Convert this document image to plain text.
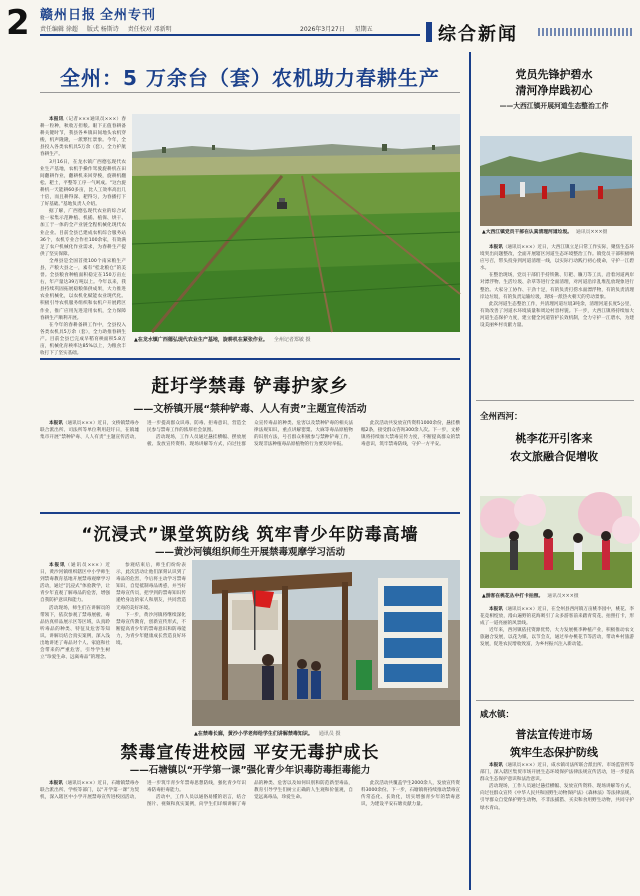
2 赣州日报 全州专刊
责任编辑 徐超 版式 杨斯诗 责任校对 邓新明	2026年3月27日 星期五	综合新闻
全州：5 万余台（套）农机助力春耕生产

本报讯（记者×××通讯员×××）春耕一粒种，秋收万担粮。眼下正值春耕备耕关键时节，我县各乡镇田间地头农机穿梭，机声隆隆，一派繁忙景象。今年，全县投入各类农机具5万余（套），全力护航春耕生产。

3月16日，在龙水镇广西德弘现代农业生产基地，农机手操作驾驶旋耕机在田间翻耕作业，翻耕机来回穿梭，旋耕机翻松、耙土，平整等工序一气呵成。“这台旋耕机一天能耕60多亩，比人工效率高出几十倍，而且耕得深、耙得匀，为春播打下了好基础。”基地负责人介绍。

据了解，广西德弘现代农业的综合试验一家集示范种植、机插、植保、烘干、加工于一体的全产业链全程机械化现代农业企业。目前全县已建成农机综合服务站36个，农机专业合作社100余家，有效满足了农户机械化作业需求，为春耕生产提供了坚实保障。

全州县是全国首批100个南宋粮生产县，产粮大县之一，素有“桂北粮仓”的美誉。全县粮食种植面积稳定在150万亩左右，年产量达39万吨以上。今年以来，我县持续巩固拓展稳粮保供成果，大力推进农业机械化，以农机化赋能农业现代化。积极引导农机服务组织和农机户开展跨区作业，推广应用先进适用农机，全力保障春耕生产顺利开展。

在今年的春耕备耕工作中，全县投入各类农机具5万余（套），全力助推春耕生产。目前全县已完成早稻育秧面积5.8万亩，机械化育秧率达85%以上，为粮食丰收打下了坚实基础。

▲在龙水镇广西德弘现代农业生产基地，旋耕机在紧张作业。 全州记者郑敏 摄
赶圩学禁毒 铲毒护家乡
——文桥镇开展“禁种铲毒、人人有责”主题宣传活动

本报讯（通讯员×××）近日，文桥镇禁毒办联合派出所、司法所等单位利用赶圩日，在镇墟集市开展“禁种铲毒、人人有责”主题宣传活动，进一步提高群众识毒、防毒、拒毒意识，营造全民参与禁毒工作的浓厚社会氛围。

活动现场，工作人员通过悬挂横幅、摆放展板、发放宣传资料、现场讲解等方式，向过往群众宣传毒品的种类、危害以及禁种铲毒的相关法律法规知识，重点讲解罂粟、大麻等毒品原植物的识别方法，号召群众积极参与禁种铲毒工作，发现非法种植毒品原植物的行为要及时举报。

此次活动共发放宣传资料1000余份，悬挂横幅2条，接受群众咨询300余人次。下一步，文桥镇将持续加大禁毒宣传力度，不断提高群众的禁毒意识，筑牢禁毒防线，守护一方平安。

“沉浸式”课堂筑防线 筑牢青少年防毒高墙
——黄沙河镇组织师生开展禁毒观摩学习活动

本报讯（通讯员×××）近日，黄沙河镇组织辖区中小学师生到禁毒教育基地开展禁毒观摩学习活动，通过“沉浸式”体验教学，让青少年直观了解毒品的危害，增强自我防护意识和能力。

活动现场，师生们在讲解员的带领下，依次参观了禁毒展板、毒品仿真样品展示区等区域，认真聆听毒品的种类、特征及危害等知识。讲解员结合真实案例，深入浅出地讲述了毒品对个人、家庭和社会带来的严重危害，引导学生树立“珍爱生命、远离毒品”的理念。

参观结束后，师生们纷纷表示，此次活动让他们深刻认识到了毒品的危害，今后将主动学习禁毒知识，自觉抵制毒品诱惑，并当好禁毒宣传员，把学到的禁毒知识传递给身边的家人和朋友，共同营造无毒的美好环境。

下一步，黄沙河镇将继续深化禁毒宣传教育，创新宣传形式，不断提高青少年的禁毒意识和防毒能力，为青少年健康成长营造良好环境。

▲在禁毒长廊，黄沙小学老师给学生们讲解禁毒知识。 通讯员 摄
禁毒宣传进校园 平安无毒护成长
——石塘镇以“开学第一课”强化青少年识毒防毒拒毒能力

本报讯（通讯员×××）近日，石塘镇禁毒办联合派出所、学校等部门，以“开学第一课”为契机，深入辖区中小学开展禁毒宣传进校园活动，进一步筑牢青少年禁毒思想防线，强化青少年识毒防毒拒毒能力。

活动中，工作人员以通俗易懂的语言，结合图片、视频和真实案例，向学生们详细讲解了毒品的种类、危害以及如何识别和防范新型毒品，教育引导学生们树立正确的人生观和价值观，自觉远离毒品，珍爱生命。

此次活动共覆盖学生2000余人，发放宣传资料3000余份。下一步，石塘镇将持续推动禁毒宣传常态化、长效化，切实增强青少年的禁毒意识，为建设平安石塘贡献力量。

党员先锋护碧水
清河净岸践初心
——大西江镇开展河道生态整治工作
▲大西江镇党员干部在认真清理河道垃圾。 通讯员×××摄

本报讯（通讯员×××）近日，大西江镇立足日常工作实际，聚焦生态环境突出问题整改，全面开展辖区河道生态环境整治工作。镇党员干部积极响应号召，带头投身到河道清理一线，以实际行动践行初心使命，守护一江碧水。

在整治现场，党员干部们手持铁锹、钉耙、镰刀等工具，沿着河道两岸对漂浮物、生活垃圾、杂草等进行全面清理，对河道沿岸乱堆乱放现象进行整治。大家分工协作、干劲十足，有的负责打捞水面漂浮物，有的负责清理岸边垃圾，有的负责运输垃圾，现场一派热火朝天的劳动景象。

此次河道生态整治工作，共清理河道垃圾3吨余，清理河道长度5公里，有效改善了河道水环境质量和周边村容村貌。下一步，大西江镇将持续加大河道生态保护力度，建立健全河道管护长效机制，全力守护一江碧水，为建设美丽乡村贡献力量。

全州西河：
桃李花开引客来
农文旅融合促增收
▲游客在桃花丛中打卡拍照。 通讯员×××摄

本报讯（通讯员×××）近日，在全州县西河镇万亩桃李园中，桃花、李花竞相绽放，漫山遍野的花海吸引了众多游客前来踏青赏花、拍照打卡，形成了一道亮丽的风景线。

近年来，西河镇依托资源优势，大力发展桃李种植产业，积极推动农文旅融合发展，以花为媒，以节会友，通过举办桃花节等活动，带动乡村旅游发展，促进农民增收致富，为乡村振兴注入新动能。

咸水镇：
普法宣传进市场
筑牢生态保护防线

本报讯（通讯员×××）近日，咸水镇司法所联合派出所、市场监管所等部门，深入辖区集贸市场开展生态环境保护法律法规宣传活动，进一步提高群众生态保护意识和法治意识。

活动现场，工作人员通过悬挂横幅、发放宣传资料、现场讲解等方式，向过往群众宣传《中华人民共和国野生动物保护法》《森林法》等法律法规，引导群众自觉保护野生动物，不非法捕猎、买卖和食用野生动物，共同守护绿水青山。
